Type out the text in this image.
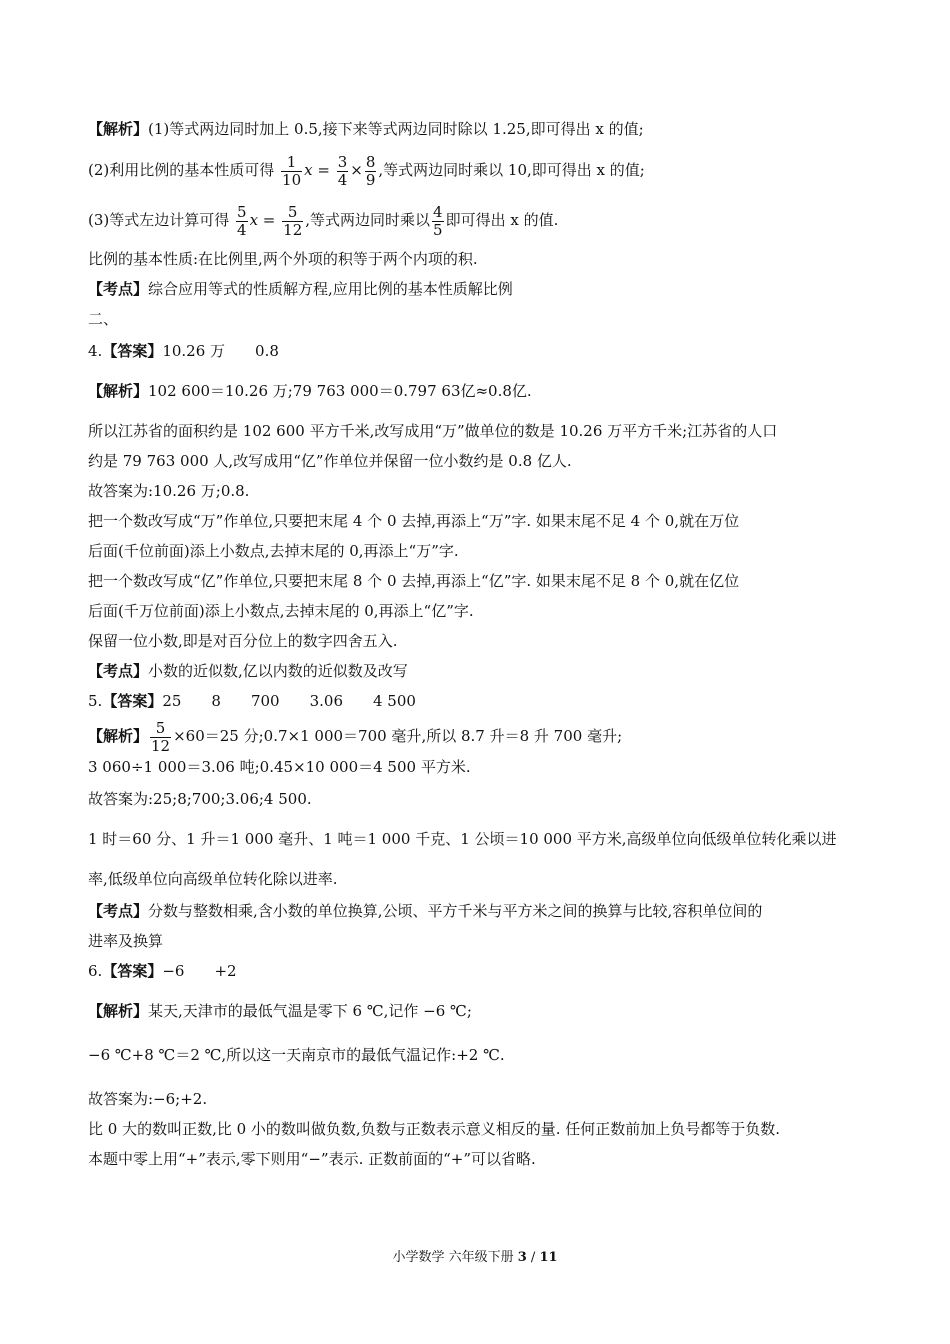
【解析】(1)等式两边同时加上 0.5,接下来等式两边同时除以 1.25,即可得出 x 的值;
(2)利用比例的基本性质可得 $\frac{1}{10}$ $x = \frac{3}{4} \times \frac{8}{9}$ ,等式两边同时乘以 10,即可得出 x 的值;
(3)等式左边计算可得 $\frac{5}{4}$ $x = \frac{5}{12}$ ,等式两边同时乘以 $\frac{4}{5}$ 即可得出 x 的值.
比例的基本性质:在比例里,两个外项的积等于两个内项的积.
【考点】综合应用等式的性质解方程,应用比例的基本性质解比例
二、
4.【答案】10.26 万　　0.8
【解析】102 600＝10.26 万;79 763 000＝0.797 63亿≈0.8亿.
所以江苏省的面积约是 102 600 平方千米,改写成用“万”做单位的数是 10.26 万平方千米;江苏省的人口
约是 79 763 000 人,改写成用“亿”作单位并保留一位小数约是 0.8 亿人.
故答案为:10.26 万;0.8.
把一个数改写成“万”作单位,只要把末尾 4 个 0 去掉,再添上“万”字. 如果末尾不足 4 个 0,就在万位
后面(千位前面)添上小数点,去掉末尾的 0,再添上“万”字.
把一个数改写成“亿”作单位,只要把末尾 8 个 0 去掉,再添上“亿”字. 如果末尾不足 8 个 0,就在亿位
后面(千万位前面)添上小数点,去掉末尾的 0,再添上“亿”字.
保留一位小数,即是对百分位上的数字四舍五入.
【考点】小数的近似数,亿以内数的近似数及改写
5.【答案】25　　8　　700　　3.06　　4 500
【解析】 $\frac{5}{12} \times 60=25$ 分;0.7×1 000＝700 毫升,所以 8.7 升＝8 升 700 毫升;
3 060÷1 000＝3.06 吨;0.45×10 000＝4 500 平方米.
故答案为:25;8;700;3.06;4 500.
1 时＝60 分、1 升＝1 000 毫升、1 吨＝1 000 千克、1 公顷＝10 000 平方米,高级单位向低级单位转化乘以进
率,低级单位向高级单位转化除以进率.
【考点】分数与整数相乘,含小数的单位换算,公顷、平方千米与平方米之间的换算与比较,容积单位间的
进率及换算
6.【答案】−6　　+2
【解析】某天,天津市的最低气温是零下 6 ℃,记作 −6 ℃;
−6 ℃+8 ℃＝2 ℃,所以这一天南京市的最低气温记作:+2 ℃.
故答案为:−6;+2.
比 0 大的数叫正数,比 0 小的数叫做负数,负数与正数表示意义相反的量. 任何正数前加上负号都等于负数.
本题中零上用“+”表示,零下则用“−”表示. 正数前面的“+”可以省略.
小学数学 六年级下册 3 / 11
